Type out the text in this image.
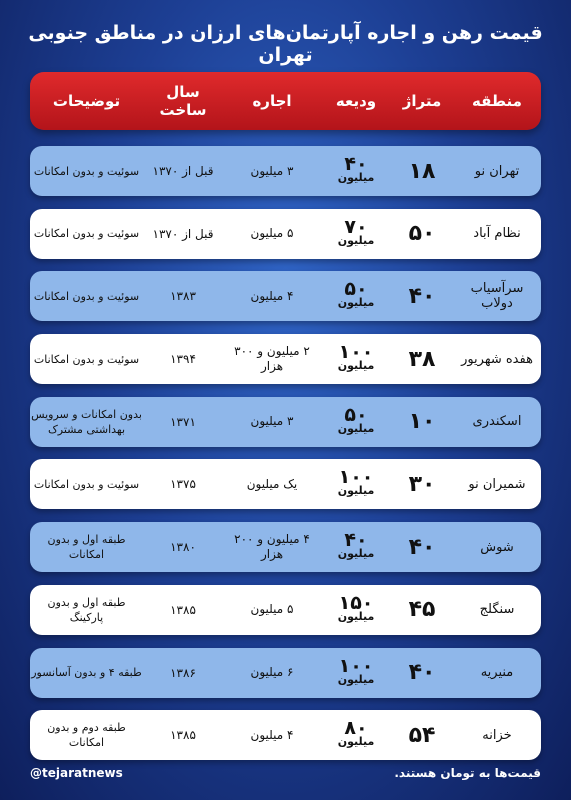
قیمت رهن و اجاره آپارتمان‌های ارزان در مناطق جنوبی تهران
منطقه
متراژ
ودیعه
اجاره
سال ساخت
توضیحات
تهران نو
۱۸
۴۰
میلیون
۳ میلیون
قبل از ۱۳۷۰
سوئیت و بدون امکانات
نظام آباد
۵۰
۷۰
میلیون
۵ میلیون
قبل از ۱۳۷۰
سوئیت و بدون امکانات
سرآسیاب دولاب
۴۰
۵۰
میلیون
۴ میلیون
۱۳۸۳
سوئیت و بدون امکانات
هفده شهریور
۳۸
۱۰۰
میلیون
۲ میلیون و ۳۰۰ هزار
۱۳۹۴
سوئیت و بدون امکانات
اسکندری
۱۰
۵۰
میلیون
۳ میلیون
۱۳۷۱
بدون امکانات و سرویس بهداشتی مشترک
شمیران نو
۳۰
۱۰۰
میلیون
یک میلیون
۱۳۷۵
سوئیت و بدون امکانات
شوش
۴۰
۴۰
میلیون
۴ میلیون و ۲۰۰ هزار
۱۳۸۰
طبقه اول و بدون امکانات
سنگلج
۴۵
۱۵۰
میلیون
۵ میلیون
۱۳۸۵
طبقه اول و بدون پارکینگ
منیریه
۴۰
۱۰۰
میلیون
۶ میلیون
۱۳۸۶
طبقه ۴ و بدون آسانسور
خزانه
۵۴
۸۰
میلیون
۴ میلیون
۱۳۸۵
طبقه دوم و بدون امکانات
@tejaratnews	قیمت‌ها به تومان هستند.
